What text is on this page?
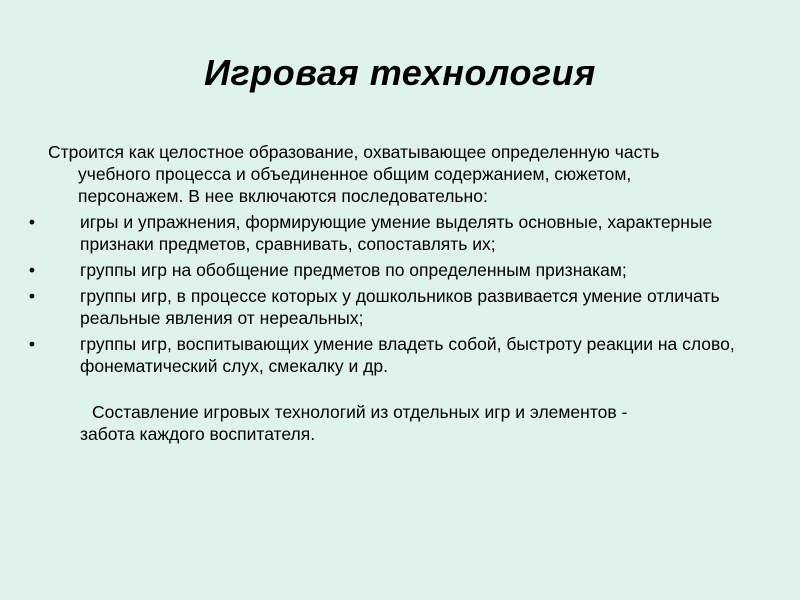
Игровая технология

Строится как целостное образование, охватывающее определенную часть учебного процесса и объединенное общим содержанием, сюжетом, персонажем. В нее включаются последовательно:

•	игры и упражнения, формирующие умение выделять основные, характерные признаки предметов, сравнивать, сопоставлять их;
•	группы игр на обобщение предметов по определенным признакам;
•	группы игр, в процессе которых у дошкольников развивается умение отличать реальные явления от нереальных;
•	группы игр, воспитывающих умение владеть собой, быстроту реакции на слово, фонематический слух, смекалку и др.

Составление игровых технологий из отдельных игр и элементов - забота каждого воспитателя.
